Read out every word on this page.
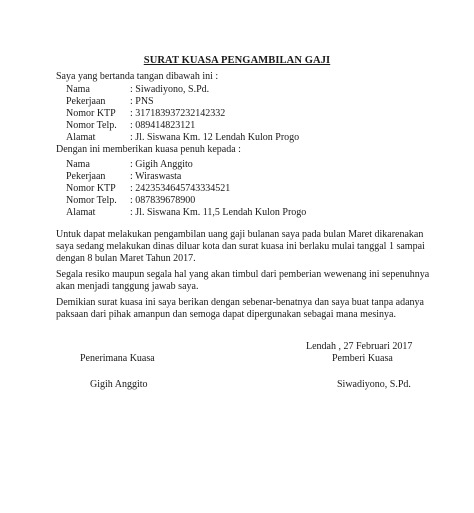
SURAT KUASA PENGAMBILAN GAJI
Saya yang bertanda tangan dibawah ini :
Nama	: Siwadiyono, S.Pd.
Pekerjaan	: PNS
Nomor KTP	: 317183937232142332
Nomor Telp.	: 089414823121
Alamat	: Jl. Siswana Km. 12 Lendah Kulon Progo
Dengan ini memberikan kuasa penuh kepada :
Nama	: Gigih Anggito
Pekerjaan	: Wiraswasta
Nomor KTP	: 2423534645743334521
Nomor Telp.	: 087839678900
Alamat	: Jl. Siswana Km. 11,5 Lendah Kulon Progo
Untuk dapat melakukan pengambilan uang gaji bulanan saya pada bulan Maret dikarenakan
saya sedang melakukan dinas diluar kota dan surat kuasa ini berlaku mulai tanggal 1 sampai
dengan 8 bulan Maret Tahun 2017.
Segala resiko maupun segala hal yang akan timbul dari pemberian wewenang ini sepenuhnya
akan menjadi tanggung jawab saya.
Demikian surat kuasa ini saya berikan dengan sebenar-benatnya dan saya buat tanpa adanya
paksaan dari pihak amanpun dan semoga dapat dipergunakan sebagai mana mesinya.
Lendah , 27 Februari 2017
Penerimana Kuasa	Pemberi Kuasa
Gigih Anggito	Siwadiyono, S.Pd.
